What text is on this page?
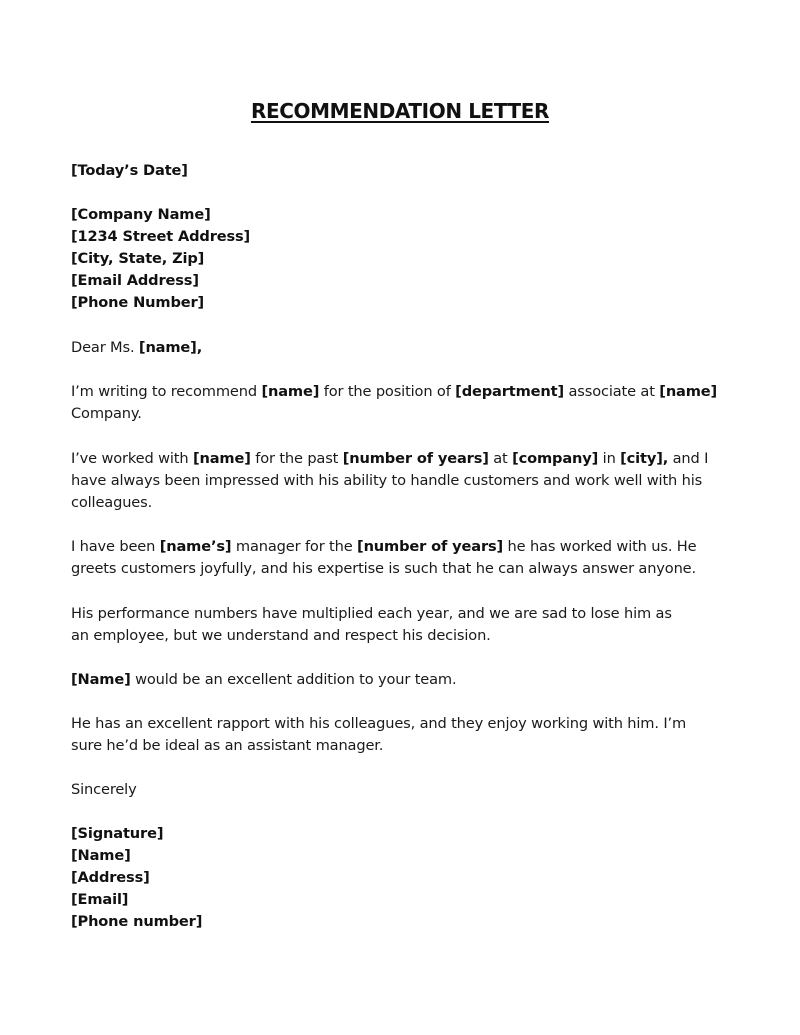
RECOMMENDATION LETTER
[Today’s Date]
[Company Name]
[1234 Street Address]
[City, State, Zip]
[Email Address]
[Phone Number]
Dear Ms. [name],
I’m writing to recommend [name] for the position of [department] associate at [name]
Company.
I’ve worked with [name] for the past [number of years] at [company] in [city], and I
have always been impressed with his ability to handle customers and work well with his
colleagues.
I have been [name’s] manager for the [number of years] he has worked with us. He
greets customers joyfully, and his expertise is such that he can always answer anyone.
His performance numbers have multiplied each year, and we are sad to lose him as
an employee, but we understand and respect his decision.
[Name] would be an excellent addition to your team.
He has an excellent rapport with his colleagues, and they enjoy working with him. I’m
sure he’d be ideal as an assistant manager.
Sincerely
[Signature]
[Name]
[Address]
[Email]
[Phone number]
